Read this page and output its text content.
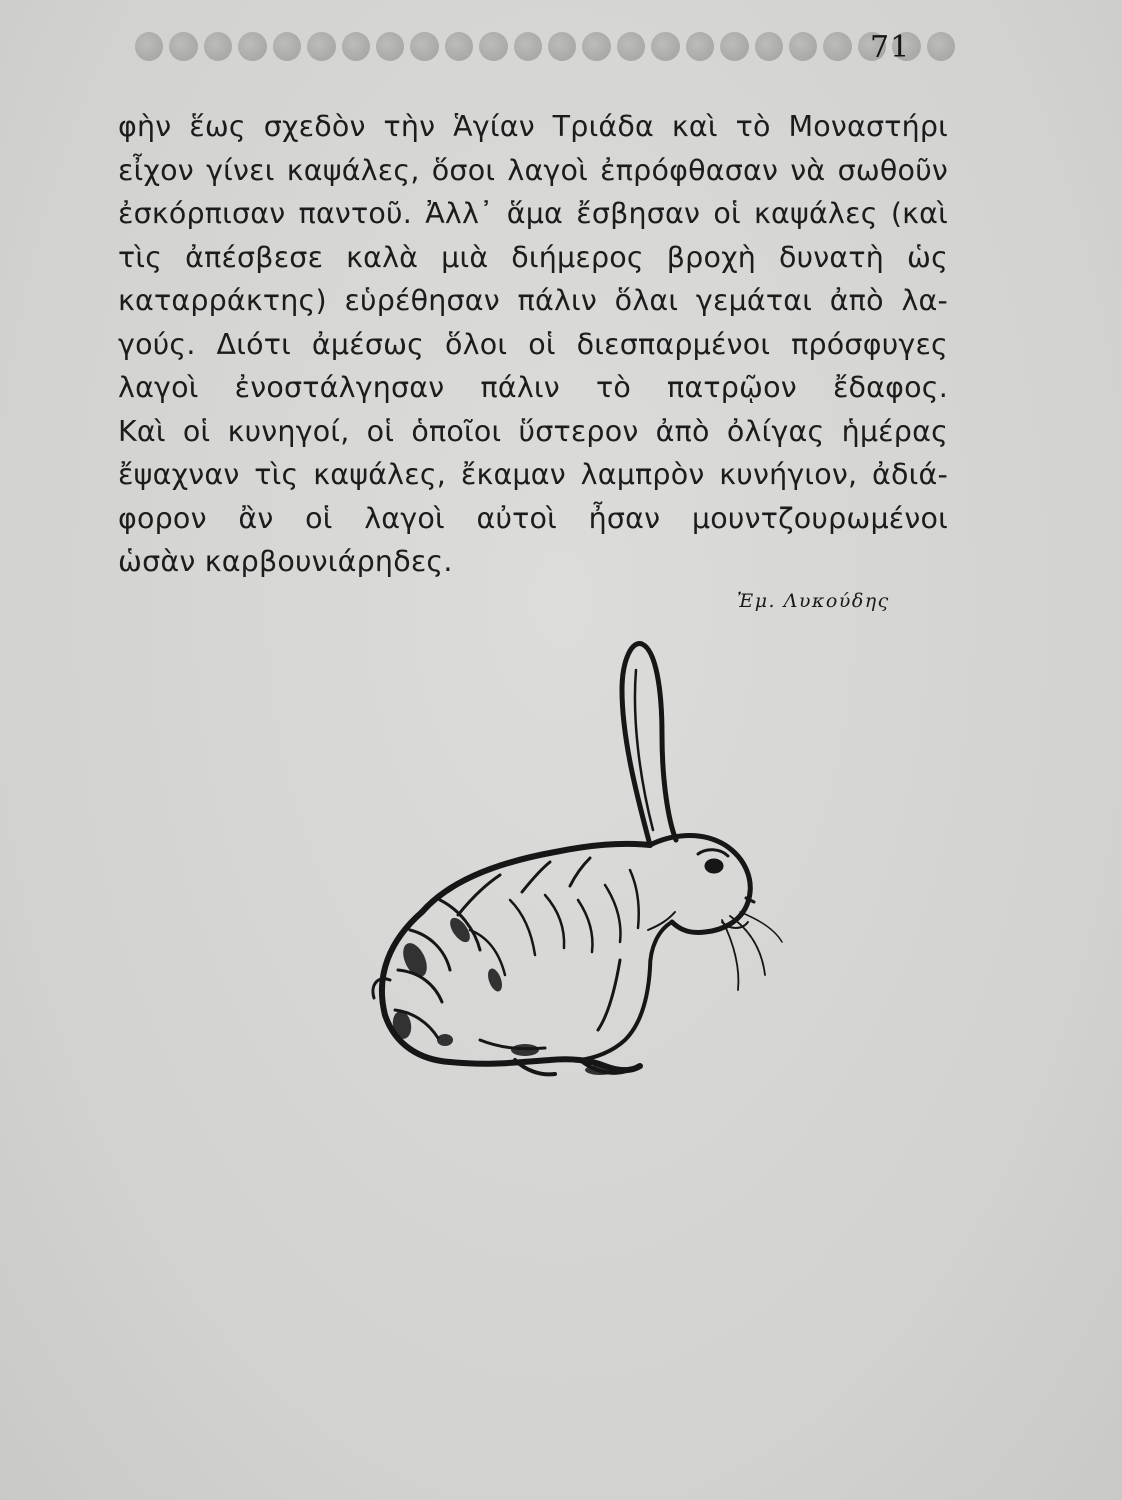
71
φὴν ἕως σχεδὸν τὴν Ἁγίαν Τριάδα καὶ τὸ Μοναστήρι
εἶχον γίνει καψάλες, ὅσοι λαγοὶ ἐπρόφθασαν νὰ σωθοῦν
ἐσκόρπισαν παντοῦ. Ἀλλ᾽ ἅμα ἔσβησαν οἱ καψάλες (καὶ
τὶς ἀπέσβεσε καλὰ μιὰ διήμερος βροχὴ δυνατὴ ὡς
καταρράκτης) εὑρέθησαν πάλιν ὅλαι γεμάται ἀπὸ λα-
γούς. Διότι ἀμέσως ὅλοι οἱ διεσπαρμένοι πρόσφυγες
λαγοὶ ἐνοστάλγησαν πάλιν τὸ πατρῷον ἔδαφος.
Καὶ οἱ κυνηγοί, οἱ ὁποῖοι ὕστερον ἀπὸ ὀλίγας ἡμέρας
ἔψαχναν τὶς καψάλες, ἔκαμαν λαμπρὸν κυνήγιον, ἀδιά-
φορον ἂν οἱ λαγοὶ αὐτοὶ ἦσαν μουντζουρωμένοι
ὡσὰν καρβουνιάρηδες.
Ἐμ. Λυκούδης
